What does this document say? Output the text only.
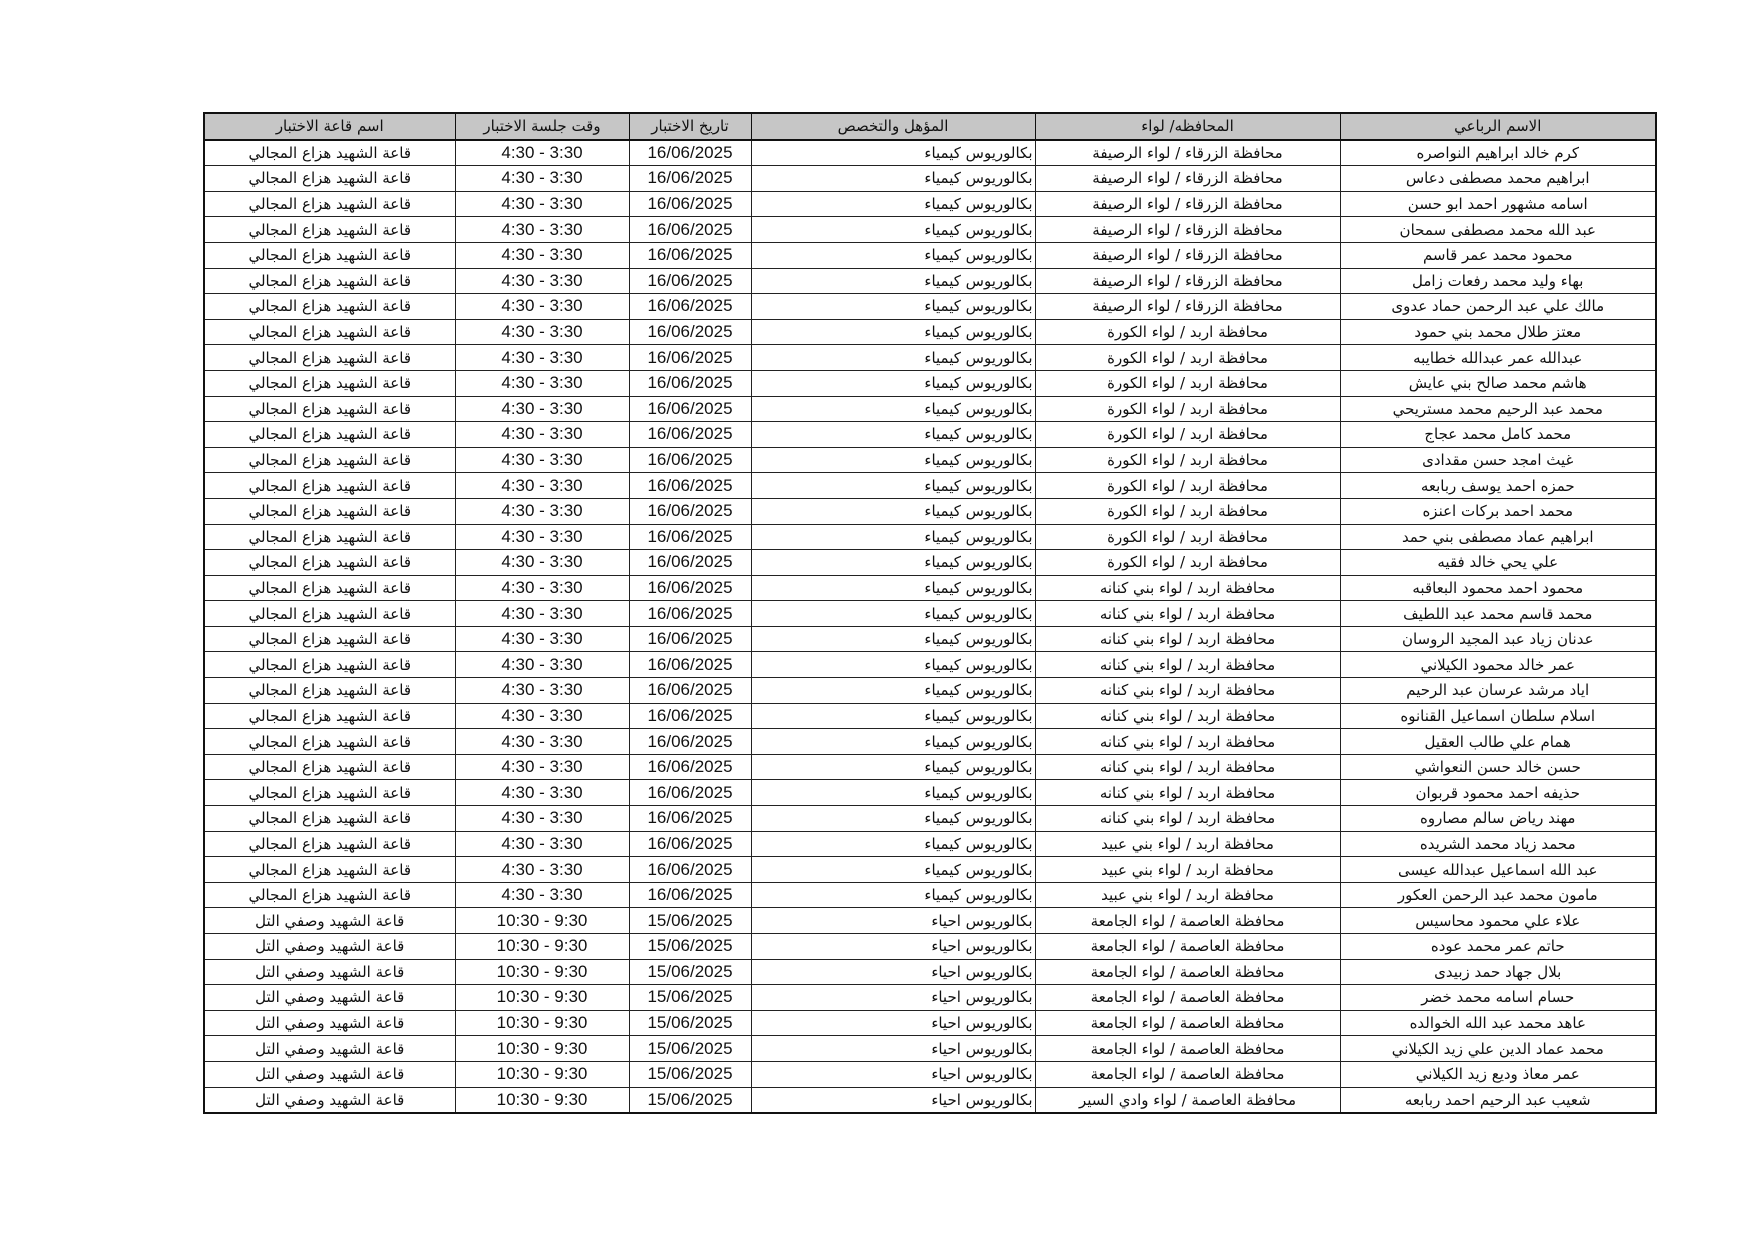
الاسم الرباعي	المحافظه/ لواء	المؤهل والتخصص	تاريخ الاختبار	وقت جلسة الاختبار	اسم قاعة الاختبار
كرم خالد ابراهيم النواصره	محافظة الزرقاء / لواء الرصيفة	بكالوريوس كيمياء	16/06/2025	4:30 - 3:30	قاعة الشهيد هزاع المجالي
ابراهيم محمد مصطفى دعاس	محافظة الزرقاء / لواء الرصيفة	بكالوريوس كيمياء	16/06/2025	4:30 - 3:30	قاعة الشهيد هزاع المجالي
اسامه مشهور احمد ابو حسن	محافظة الزرقاء / لواء الرصيفة	بكالوريوس كيمياء	16/06/2025	4:30 - 3:30	قاعة الشهيد هزاع المجالي
عبد الله محمد مصطفى سمحان	محافظة الزرقاء / لواء الرصيفة	بكالوريوس كيمياء	16/06/2025	4:30 - 3:30	قاعة الشهيد هزاع المجالي
محمود محمد عمر قاسم	محافظة الزرقاء / لواء الرصيفة	بكالوريوس كيمياء	16/06/2025	4:30 - 3:30	قاعة الشهيد هزاع المجالي
بهاء وليد محمد رفعات زامل	محافظة الزرقاء / لواء الرصيفة	بكالوريوس كيمياء	16/06/2025	4:30 - 3:30	قاعة الشهيد هزاع المجالي
مالك علي عبد الرحمن حماد عدوى	محافظة الزرقاء / لواء الرصيفة	بكالوريوس كيمياء	16/06/2025	4:30 - 3:30	قاعة الشهيد هزاع المجالي
معتز طلال محمد بني حمود	محافظة اربد / لواء الكورة	بكالوريوس كيمياء	16/06/2025	4:30 - 3:30	قاعة الشهيد هزاع المجالي
عبدالله عمر عبدالله خطايبه	محافظة اربد / لواء الكورة	بكالوريوس كيمياء	16/06/2025	4:30 - 3:30	قاعة الشهيد هزاع المجالي
هاشم محمد صالح بني عايش	محافظة اربد / لواء الكورة	بكالوريوس كيمياء	16/06/2025	4:30 - 3:30	قاعة الشهيد هزاع المجالي
محمد عبد الرحيم محمد مستريحي	محافظة اربد / لواء الكورة	بكالوريوس كيمياء	16/06/2025	4:30 - 3:30	قاعة الشهيد هزاع المجالي
محمد كامل محمد عجاج	محافظة اربد / لواء الكورة	بكالوريوس كيمياء	16/06/2025	4:30 - 3:30	قاعة الشهيد هزاع المجالي
غيث امجد حسن مقدادى	محافظة اربد / لواء الكورة	بكالوريوس كيمياء	16/06/2025	4:30 - 3:30	قاعة الشهيد هزاع المجالي
حمزه احمد يوسف ربابعه	محافظة اربد / لواء الكورة	بكالوريوس كيمياء	16/06/2025	4:30 - 3:30	قاعة الشهيد هزاع المجالي
محمد احمد بركات اعنزه	محافظة اربد / لواء الكورة	بكالوريوس كيمياء	16/06/2025	4:30 - 3:30	قاعة الشهيد هزاع المجالي
ابراهيم عماد مصطفى بني حمد	محافظة اربد / لواء الكورة	بكالوريوس كيمياء	16/06/2025	4:30 - 3:30	قاعة الشهيد هزاع المجالي
علي يحي خالد فقيه	محافظة اربد / لواء الكورة	بكالوريوس كيمياء	16/06/2025	4:30 - 3:30	قاعة الشهيد هزاع المجالي
محمود احمد محمود البعاقبه	محافظة اربد / لواء بني كنانه	بكالوريوس كيمياء	16/06/2025	4:30 - 3:30	قاعة الشهيد هزاع المجالي
محمد قاسم محمد عبد اللطيف	محافظة اربد / لواء بني كنانه	بكالوريوس كيمياء	16/06/2025	4:30 - 3:30	قاعة الشهيد هزاع المجالي
عدنان زياد عبد المجيد الروسان	محافظة اربد / لواء بني كنانه	بكالوريوس كيمياء	16/06/2025	4:30 - 3:30	قاعة الشهيد هزاع المجالي
عمر خالد محمود الكيلاني	محافظة اربد / لواء بني كنانه	بكالوريوس كيمياء	16/06/2025	4:30 - 3:30	قاعة الشهيد هزاع المجالي
اياد مرشد عرسان عبد الرحيم	محافظة اربد / لواء بني كنانه	بكالوريوس كيمياء	16/06/2025	4:30 - 3:30	قاعة الشهيد هزاع المجالي
اسلام سلطان اسماعيل القنانوه	محافظة اربد / لواء بني كنانه	بكالوريوس كيمياء	16/06/2025	4:30 - 3:30	قاعة الشهيد هزاع المجالي
همام علي طالب العقيل	محافظة اربد / لواء بني كنانه	بكالوريوس كيمياء	16/06/2025	4:30 - 3:30	قاعة الشهيد هزاع المجالي
حسن خالد حسن النعواشي	محافظة اربد / لواء بني كنانه	بكالوريوس كيمياء	16/06/2025	4:30 - 3:30	قاعة الشهيد هزاع المجالي
حذيفه احمد محمود قربوان	محافظة اربد / لواء بني كنانه	بكالوريوس كيمياء	16/06/2025	4:30 - 3:30	قاعة الشهيد هزاع المجالي
مهند رياض سالم مصاروه	محافظة اربد / لواء بني كنانه	بكالوريوس كيمياء	16/06/2025	4:30 - 3:30	قاعة الشهيد هزاع المجالي
محمد زياد محمد الشريده	محافظة اربد / لواء بني عبيد	بكالوريوس كيمياء	16/06/2025	4:30 - 3:30	قاعة الشهيد هزاع المجالي
عبد الله اسماعيل عبدالله عيسى	محافظة اربد / لواء بني عبيد	بكالوريوس كيمياء	16/06/2025	4:30 - 3:30	قاعة الشهيد هزاع المجالي
مامون محمد عبد الرحمن العكور	محافظة اربد / لواء بني عبيد	بكالوريوس كيمياء	16/06/2025	4:30 - 3:30	قاعة الشهيد هزاع المجالي
علاء علي محمود محاسيس	محافظة العاصمة / لواء الجامعة	بكالوريوس احياء	15/06/2025	10:30 - 9:30	قاعة الشهيد وصفي التل
حاتم عمر محمد عوده	محافظة العاصمة / لواء الجامعة	بكالوريوس احياء	15/06/2025	10:30 - 9:30	قاعة الشهيد وصفي التل
بلال جهاد حمد زبيدى	محافظة العاصمة / لواء الجامعة	بكالوريوس احياء	15/06/2025	10:30 - 9:30	قاعة الشهيد وصفي التل
حسام اسامه محمد خضر	محافظة العاصمة / لواء الجامعة	بكالوريوس احياء	15/06/2025	10:30 - 9:30	قاعة الشهيد وصفي التل
عاهد محمد عبد الله الخوالده	محافظة العاصمة / لواء الجامعة	بكالوريوس احياء	15/06/2025	10:30 - 9:30	قاعة الشهيد وصفي التل
محمد عماد الدين علي زيد الكيلاني	محافظة العاصمة / لواء الجامعة	بكالوريوس احياء	15/06/2025	10:30 - 9:30	قاعة الشهيد وصفي التل
عمر معاذ وديع زيد الكيلاني	محافظة العاصمة / لواء الجامعة	بكالوريوس احياء	15/06/2025	10:30 - 9:30	قاعة الشهيد وصفي التل
شعيب عبد الرحيم احمد ربابعه	محافظة العاصمة / لواء وادي السير	بكالوريوس احياء	15/06/2025	10:30 - 9:30	قاعة الشهيد وصفي التل
